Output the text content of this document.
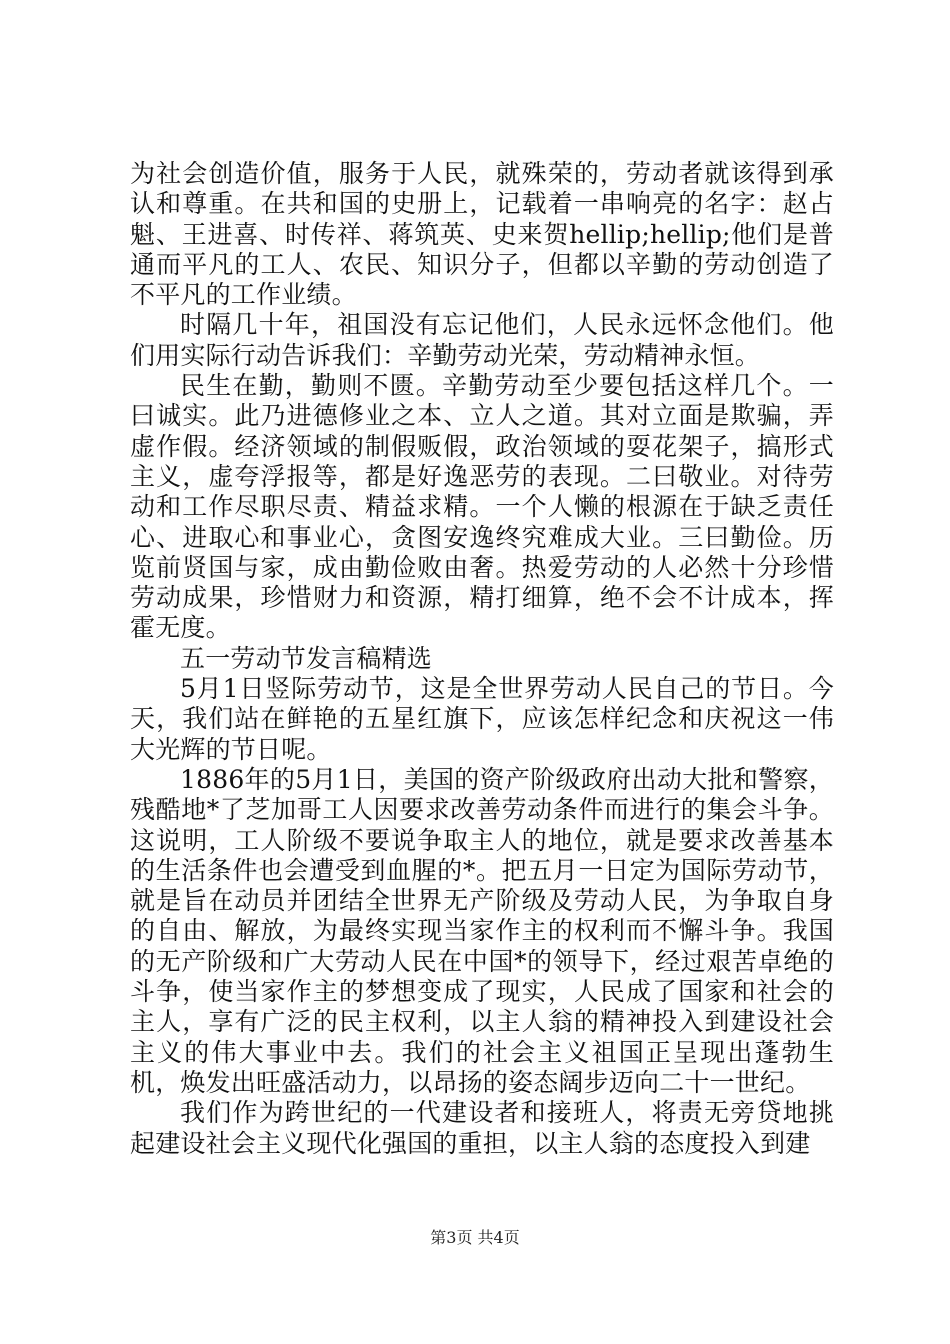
为社会创造价值，服务于人民，就殊荣的，劳动者就该得到承认和尊重。在共和国的史册上，记载着一串响亮的名字：赵占魁、王进喜、时传祥、蒋筑英、史来贺hellip;hellip;他们是普通而平凡的工人、农民、知识分子，但都以辛勤的劳动创造了不平凡的工作业绩。

时隔几十年，祖国没有忘记他们，人民永远怀念他们。他们用实际行动告诉我们：辛勤劳动光荣，劳动精神永恒。

民生在勤，勤则不匮。辛勤劳动至少要包括这样几个。一曰诚实。此乃进德修业之本、立人之道。其对立面是欺骗，弄虚作假。经济领域的制假贩假，政治领域的耍花架子，搞形式主义，虚夸浮报等，都是好逸恶劳的表现。二曰敬业。对待劳动和工作尽职尽责、精益求精。一个人懒的根源在于缺乏责任心、进取心和事业心，贪图安逸终究难成大业。三曰勤俭。历览前贤国与家，成由勤俭败由奢。热爱劳动的人必然十分珍惜劳动成果，珍惜财力和资源，精打细算，绝不会不计成本，挥霍无度。

五一劳动节发言稿精选

5月1日竖际劳动节，这是全世界劳动人民自己的节日。今天，我们站在鲜艳的五星红旗下，应该怎样纪念和庆祝这一伟大光辉的节日呢。

1886年的5月1日，美国的资产阶级政府出动大批和警察，残酷地*了芝加哥工人因要求改善劳动条件而进行的集会斗争。这说明，工人阶级不要说争取主人的地位，就是要求改善基本的生活条件也会遭受到血腥的*。把五月一日定为国际劳动节，就是旨在动员并团结全世界无产阶级及劳动人民，为争取自身的自由、解放，为最终实现当家作主的权利而不懈斗争。我国的无产阶级和广大劳动人民在中国*的领导下，经过艰苦卓绝的斗争，使当家作主的梦想变成了现实，人民成了国家和社会的主人，享有广泛的民主权利，以主人翁的精神投入到建设社会主义的伟大事业中去。我们的社会主义祖国正呈现出蓬勃生机，焕发出旺盛活动力，以昂扬的姿态阔步迈向二十一世纪。

我们作为跨世纪的一代建设者和接班人，将责无旁贷地挑起建设社会主义现代化强国的重担，以主人翁的态度投入到建

第3页 共4页
